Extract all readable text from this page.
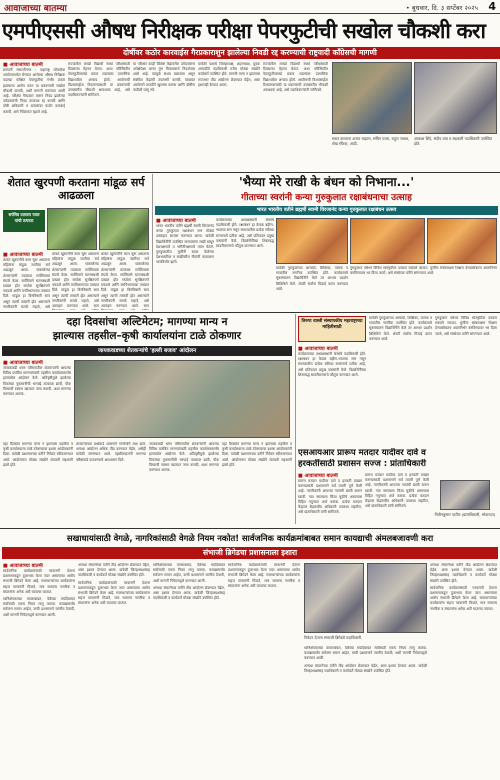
आवाजाच्या बातम्या	• बुधवार, दि. ३ सप्टेंबर २०२५ 4
एमपीएससी औषध निरीक्षक परीक्षा पेपरफुटीची सखोल चौकशी करा
दोषींवर कठोर कारवाईस गैरप्रकाराशुन झालेल्या निवडी रद्द करण्याची राष्ट्रवादी काँग्रेसची मागणी
■ आवाजाच्या बातमी

छत्रपती संभाजीनगर : महाराष्ट्र लोकसेवा आयोगामार्फत घेण्यात आलेल्या औषध निरीक्षक पदाच्या परीक्षेत पेपरफुटीचा गंभीर प्रकार झाल्याचा आरोप करत या प्रकरणाची सखोल चौकशी करावी, अशी मागणी करण्यात आली आहे. परीक्षेत गैरप्रकार करून निवड झालेल्या उमेदवारांची निवड तात्काळ रद्द करावी आणि दोषी अधिकारी व दलालांवर कठोर कारवाई करावी, असे निवेदनात म्हटले आहे.

राज्यातील लाखो विद्यार्थी स्पर्धा परीक्षांसाठी दिवसरात्र मेहनत घेतात. अशा परिस्थितीत पेपरफुटीसारखे प्रकार घडल्यास प्रामाणिक विद्यार्थ्यांवर अन्याय होतो. आयोगाची विश्वासार्हता टिकवण्यासाठी या प्रकरणाची उच्चस्तरीय चौकशी आवश्यक आहे, असे पदाधिकाऱ्यांनी सांगितले.

या परीक्षेत काही विशिष्ट केंद्रांवरील उमेदवारांना अपेक्षेपेक्षा जास्त गुण मिळाल्याचे निदर्शनास आले आहे. त्यामुळे संशय बळावला असून संबंधित केंद्रांची तपासणी करावी. याबाबत आयोगाने तातडीने खुलासा करावा आणि दोषींना पाठीशी घालू नये.

यावेळी पक्षाचे जिल्हाध्यक्ष, शहराध्यक्ष, युवक आघाडीचे पदाधिकारी तसेच मोठ्या संख्येने कार्यकर्ते उपस्थित होते. मागणी मान्य न झाल्यास राज्यभर तीव्र आंदोलन छेडण्यात येईल, असा इशाराही देण्यात आला.

राज्यातील लाखो विद्यार्थी स्पर्धा परीक्षांसाठी दिवसरात्र मेहनत घेतात. अशा परिस्थितीत पेपरफुटीसारखे प्रकार घडल्यास प्रामाणिक विद्यार्थ्यांवर अन्याय होतो. आयोगाची विश्वासार्हता टिकवण्यासाठी या प्रकरणाची उच्चस्तरीय चौकशी आवश्यक आहे, असे पदाधिकाऱ्यांनी सांगितले.

सादर करताना अजय चव्हाण, सचिन पवार, राहुल जाधव, शेख रफिक, आदी.
आकाश शिंदे, संदीप वाघ व सहकारी पदाधिकारी उपस्थित होते.
शेतात खुरपणी करताना मांडूळ सर्प आढळला
सर्पमित्र दत्तात्रय पवार यांची तत्परता
■ आवाजाच्या बातमी

शेतात खुरपणीचे काम सुरू असताना महिलांना मांडूळ जातीचा सर्प आढळून आला. घाबरलेल्या शेतकऱ्यांनी तात्काळ सर्पमित्राला संपर्क केला. सर्पमित्राने घटनास्थळी दाखल होत सर्पाला सुरक्षितपणे पकडले आणि वनविभागाच्या ताब्यात दिले. मांडूळ हा बिनविषारी साप असून त्याची तस्करी होत असल्याने नागरिकांनी सतर्क राहावे, असे

शेतात खुरपणीचे काम सुरू असताना महिलांना मांडूळ जातीचा सर्प आढळून आला. घाबरलेल्या शेतकऱ्यांनी तात्काळ सर्पमित्राला संपर्क केला. सर्पमित्राने घटनास्थळी दाखल होत सर्पाला सुरक्षितपणे पकडले आणि वनविभागाच्या ताब्यात दिले. मांडूळ हा बिनविषारी साप असून त्याची तस्करी होत असल्याने नागरिकांनी सतर्क राहावे, असे आवाहन करण्यात आले. साप

शेतात खुरपणीचे काम सुरू असताना महिलांना मांडूळ जातीचा सर्प आढळून आला. घाबरलेल्या शेतकऱ्यांनी तात्काळ सर्पमित्राला संपर्क केला. सर्पमित्राने घटनास्थळी दाखल होत सर्पाला सुरक्षितपणे पकडले आणि वनविभागाच्या ताब्यात दिले. मांडूळ हा बिनविषारी साप असून त्याची तस्करी होत असल्याने नागरिकांनी सतर्क राहावे, असे आवाहन करण्यात आले. साप

'भैय्या मेरे राखी के बंधन को निभाना...'
गीताच्या स्वरांनी कन्या गुरुकुलात रक्षाबंधनाचा उत्साह
भारत भारतीय वतीने ब्रह्मर्षी स्वामी विरजानंद कन्या गुरुकुलात रक्षाबंधन उत्सव
■ आवाजाच्या बातमी

भारत भारतीय वतीने ब्रह्मर्षी स्वामी विरजानंद कन्या गुरुकुलात रक्षाबंधन सण मोठ्या उत्साहात साजरा करण्यात आला. यावेळी विद्यार्थिनींनी उपस्थित मान्यवरांना राखी बांधून देशरक्षणाचे व भगिनीरक्षणाचे वचन घेतले. गुरुकुलातील मुलींनी सादर केलेल्या देशभक्तीपर व राखीवरील गीतांनी वातावरण भावविभोर झाले.

कार्यक्रमाच्या अध्यक्षस्थानी संस्थेचे पदाधिकारी होते. रक्षाबंधन हा केवळ बहीण-भावाचा सण नसून समाजातील प्रत्येक स्त्रीच्या सन्मानाचे प्रतीक आहे, असे प्रतिपादन प्रमुख वक्त्यांनी केले. विद्यार्थिनींच्या शिस्तबद्ध सादरीकरणाचे कौतुक करण्यात आले.

यावेळी गुरुकुलाच्या आचार्या, शिक्षिका, पालक व गावातील नागरिक उपस्थित होते. कार्यक्रमाचे सूत्रसंचालन विद्यार्थिनीने केले तर आभार प्रदर्शन शिक्षिकेने केले. शेवटी सर्वांना मिठाई वाटप करण्यात आले.

गुरुकुलात वर्षभर विविध सांस्कृतिक उपक्रम राबवले जातात. मुलींना संस्कारक्षम शिक्षण देण्यासोबतच आत्मनिर्भर बनविण्यावर भर दिला जातो, असे संस्थेच्या वतीने सांगण्यात आले.

दहा दिवसांचा अल्टिमेटम; मागण्या मान्य न
झाल्यास तहसील–कृषी कार्यालयांना टाळे ठोकणार
जायकवाडच्या शेतकऱ्यांचे 'हल्ली बजाव' आंदोलन
■ आवाजाच्या बातमी

जायकवाडी धरण परिसरातील शेतकऱ्यांनी आपल्या विविध प्रलंबित मागण्यांसाठी तहसील कार्यालयासमोर हल्लाबोल आंदोलन केले. अतिवृष्टीमुळे झालेल्या पिकांच्या नुकसानीची भरपाई तात्काळ द्यावी, पीक विम्याची रक्कम खात्यात जमा करावी, अशा मागण्या करण्यात आल्या.

दहा दिवसांत मागण्या मान्य न झाल्यास तहसील व कृषी कार्यालयाला टाळे ठोकण्याचा इशारा आंदोलकांनी दिला. यावेळी प्रशासनाच्या वतीने निवेदन स्वीकारण्यात आले. आंदोलनात मोठ्या संख्येने शेतकरी सहभागी झाले होते.

शेतकऱ्यांच्या प्रश्नांकडे शासनाने गांभीर्याने लक्ष द्यावे, अन्यथा आंदोलन अधिक तीव्र करण्यात येईल, असेही यावेळी सांगण्यात आले. तहसीलदारांनी मागण्या वरिष्ठांकडे पाठवण्याचे आश्वासन दिले.

जायकवाडी धरण परिसरातील शेतकऱ्यांनी आपल्या विविध प्रलंबित मागण्यांसाठी तहसील कार्यालयासमोर हल्लाबोल आंदोलन केले. अतिवृष्टीमुळे झालेल्या पिकांच्या नुकसानीची भरपाई तात्काळ द्यावी, पीक विम्याची रक्कम खात्यात जमा करावी, अशा मागण्या करण्यात आल्या.

दहा दिवसांत मागण्या मान्य न झाल्यास तहसील व कृषी कार्यालयाला टाळे ठोकण्याचा इशारा आंदोलकांनी दिला. यावेळी प्रशासनाच्या वतीने निवेदन स्वीकारण्यात आले. आंदोलनात मोठ्या संख्येने शेतकरी सहभागी झाले होते.

तिरुपा वास्ती संस्थापकीय महाराष्ट्राच्या माहितीसाठी
■ आवाजाच्या बातमी

कार्यक्रमाच्या अध्यक्षस्थानी संस्थेचे पदाधिकारी होते. रक्षाबंधन हा केवळ बहीण-भावाचा सण नसून समाजातील प्रत्येक स्त्रीच्या सन्मानाचे प्रतीक आहे, असे प्रतिपादन प्रमुख वक्त्यांनी केले. विद्यार्थिनींच्या शिस्तबद्ध सादरीकरणाचे कौतुक करण्यात आले.

यावेळी गुरुकुलाच्या आचार्या, शिक्षिका, पालक व गावातील नागरिक उपस्थित होते. कार्यक्रमाचे सूत्रसंचालन विद्यार्थिनीने केले तर आभार प्रदर्शन शिक्षिकेने केले. शेवटी सर्वांना मिठाई वाटप करण्यात आले.

गुरुकुलात वर्षभर विविध सांस्कृतिक उपक्रम राबवले जातात. मुलींना संस्कारक्षम शिक्षण देण्यासोबतच आत्मनिर्भर बनविण्यावर भर दिला जातो, असे संस्थेच्या वतीने सांगण्यात आले.

एसआयआर प्रारूप मतदार यादीवर दावे व
हरकतींसाठी प्रशासन सज्ज : प्रांताधिकारी
■ आवाजाच्या बातमी

प्रारूप मतदार यादीवर दावे व हरकती दाखल करण्यासाठी प्रशासनाने सर्व तयारी पूर्ण केली आहे. नागरिकांनी आपल्या नावांची खात्री करून घ्यावी. नाव नसल्यास किंवा चुकीचे असल्यास विहित नमुन्यात अर्ज करावा. प्रत्येक मतदान केंद्रावर केंद्रस्तरीय अधिकारी उपलब्ध राहतील, असे प्रांताधिकारी यांनी सांगितले.

प्रारूप मतदार यादीवर दावे व हरकती दाखल करण्यासाठी प्रशासनाने सर्व तयारी पूर्ण केली आहे. नागरिकांनी आपल्या नावांची खात्री करून घ्यावी. नाव नसल्यास किंवा चुकीचे असल्यास विहित नमुन्यात अर्ज करावा. प्रत्येक मतदान केंद्रावर केंद्रस्तरीय अधिकारी उपलब्ध राहतील, असे प्रांताधिकारी यांनी सांगितले.

नितीनकुमार पाटील (प्रांताधिकारी, भोकरदन)
सखाधायांसाठी वेगळे, नागरिकांसाठी वेगळे नियम नकोत! सार्वजनिक कार्यक्रमांबाबत समान कायद्याची अंमलबजावणी करा
संभाजी ब्रिगेडचा प्रशासनाला इशारा
■ आवाजाच्या बातमी

सार्वजनिक कार्यक्रमांसाठी परवानगी देताना प्रशासनाकडून दुजाभाव केला जात असल्याचा आरोप संभाजी ब्रिगेडने केला आहे. सत्ताधाऱ्यांच्या कार्यक्रमांना सहज परवानगी मिळते, मात्र सामान्य नागरिक व संघटनांना अनेक अटी घातल्या जातात.

ध्वनिक्षेपकाच्या वापराबाबत, वेळेच्या मर्यादेबाबत सर्वांसाठी एकच नियम लागू करावा. कायद्यासमोर सर्वजण समान आहेत, याची प्रशासनाने जाणीव ठेवावी, अशी मागणी निवेदनाद्वारे करण्यात आली.

अन्यथा संघटनेच्या वतीने तीव्र आंदोलन छेडण्यात येईल, असा इशारा देण्यात आला. यावेळी जिल्हाध्यक्षांसह पदाधिकारी व कार्यकर्ते मोठ्या संख्येने उपस्थित होते.

सार्वजनिक कार्यक्रमांसाठी परवानगी देताना प्रशासनाकडून दुजाभाव केला जात असल्याचा आरोप संभाजी ब्रिगेडने केला आहे. सत्ताधाऱ्यांच्या कार्यक्रमांना सहज परवानगी मिळते, मात्र सामान्य नागरिक व संघटनांना अनेक अटी घातल्या जातात.

ध्वनिक्षेपकाच्या वापराबाबत, वेळेच्या मर्यादेबाबत सर्वांसाठी एकच नियम लागू करावा. कायद्यासमोर सर्वजण समान आहेत, याची प्रशासनाने जाणीव ठेवावी, अशी मागणी निवेदनाद्वारे करण्यात आली.

अन्यथा संघटनेच्या वतीने तीव्र आंदोलन छेडण्यात येईल, असा इशारा देण्यात आला. यावेळी जिल्हाध्यक्षांसह पदाधिकारी व कार्यकर्ते मोठ्या संख्येने उपस्थित होते.

सार्वजनिक कार्यक्रमांसाठी परवानगी देताना प्रशासनाकडून दुजाभाव केला जात असल्याचा आरोप संभाजी ब्रिगेडने केला आहे. सत्ताधाऱ्यांच्या कार्यक्रमांना सहज परवानगी मिळते, मात्र सामान्य नागरिक व संघटनांना अनेक अटी घातल्या जातात.

निवेदन देताना संभाजी ब्रिगेडचे पदाधिकारी.

ध्वनिक्षेपकाच्या वापराबाबत, वेळेच्या मर्यादेबाबत सर्वांसाठी एकच नियम लागू करावा. कायद्यासमोर सर्वजण समान आहेत, याची प्रशासनाने जाणीव ठेवावी, अशी मागणी निवेदनाद्वारे करण्यात आली.

अन्यथा संघटनेच्या वतीने तीव्र आंदोलन छेडण्यात येईल, असा इशारा देण्यात आला. यावेळी जिल्हाध्यक्षांसह पदाधिकारी व कार्यकर्ते मोठ्या संख्येने उपस्थित होते.

अन्यथा संघटनेच्या वतीने तीव्र आंदोलन छेडण्यात येईल, असा इशारा देण्यात आला. यावेळी जिल्हाध्यक्षांसह पदाधिकारी व कार्यकर्ते मोठ्या संख्येने उपस्थित होते.

सार्वजनिक कार्यक्रमांसाठी परवानगी देताना प्रशासनाकडून दुजाभाव केला जात असल्याचा आरोप संभाजी ब्रिगेडने केला आहे. सत्ताधाऱ्यांच्या कार्यक्रमांना सहज परवानगी मिळते, मात्र सामान्य नागरिक व संघटनांना अनेक अटी घातल्या जातात.
